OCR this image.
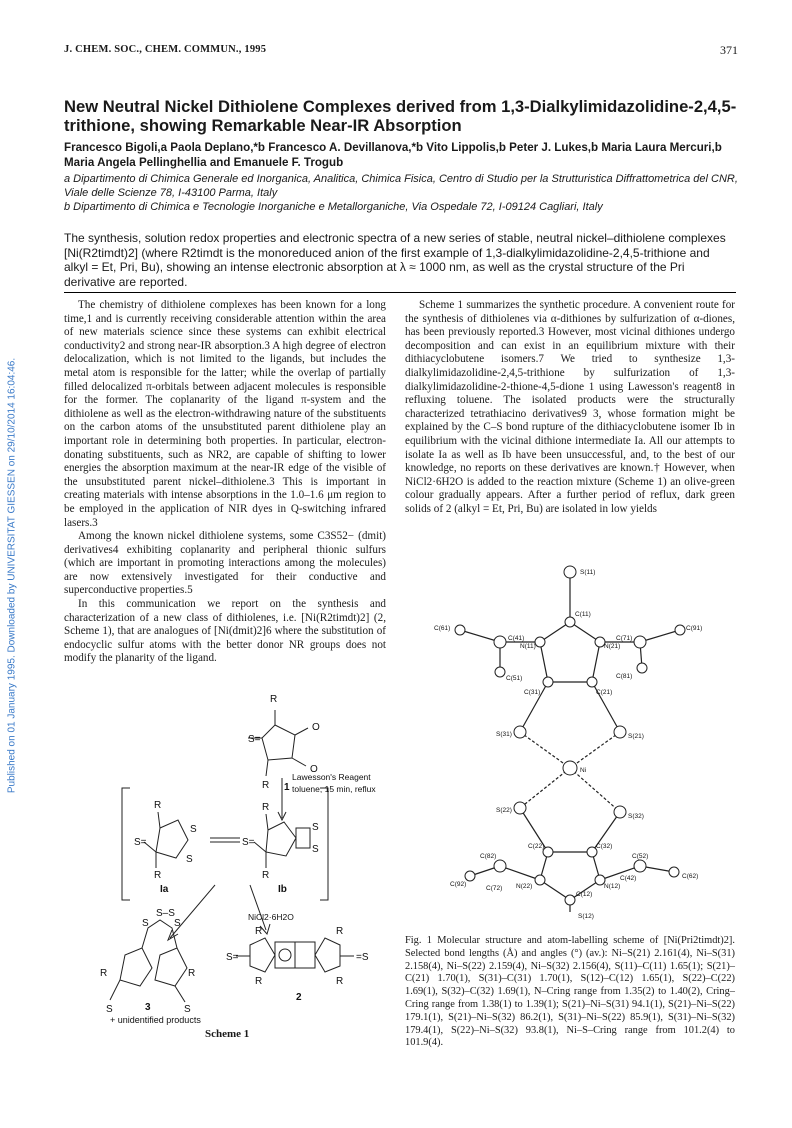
Published on 01 January 1995. Downloaded by UNIVERSITAT GIESSEN on 29/10/2014 16:04:46.
J. CHEM. SOC., CHEM. COMMUN., 1995	371
New Neutral Nickel Dithiolene Complexes derived from 1,3-Dialkylimidazolidine-2,4,5-trithione, showing Remarkable Near-IR Absorption
Francesco Bigoli,a Paola Deplano,*b Francesco A. Devillanova,*b Vito Lippolis,b Peter J. Lukes,b Maria Laura Mercuri,b Maria Angela Pellinghellia and Emanuele F. Trogub
a Dipartimento di Chimica Generale ed Inorganica, Analitica, Chimica Fisica, Centro di Studio per la Strutturistica Diffrattometrica del CNR, Viale delle Scienze 78, I-43100 Parma, Italy
b Dipartimento di Chimica e Tecnologie Inorganiche e Metallorganiche, Via Ospedale 72, I-09124 Cagliari, Italy
The synthesis, solution redox properties and electronic spectra of a new series of stable, neutral nickel–dithiolene complexes [Ni(R2timdt)2] (where R2timdt is the monoreduced anion of the first example of 1,3-dialkylimidazolidine-2,4,5-trithione and alkyl = Et, Pri, Bu), showing an intense electronic absorption at λ ≈ 1000 nm, as well as the crystal structure of the Pri derivative are reported.

The chemistry of dithiolene complexes has been known for a long time,1 and is currently receiving considerable attention within the area of new materials science since these systems can exhibit electrical conductivity2 and strong near-IR absorption.3 A high degree of electron delocalization, which is not limited to the ligands, but includes the metal atom is responsible for the latter; while the overlap of partially filled delocalized π-orbitals between adjacent molecules is responsible for the former. The coplanarity of the ligand π-system and the dithiolene as well as the electron-withdrawing nature of the substituents on the carbon atoms of the unsubstituted parent dithiolene play an important role in determining both properties. In particular, electron-donating substituents, such as NR2, are capable of shifting to lower energies the absorption maximum at the near-IR edge of the visible of the unsubstituted parent nickel–dithiolene.3 This is important in creating materials with intense absorptions in the 1.0–1.6 μm region to be employed in the application of NIR dyes in Q-switching infrared lasers.3

Among the known nickel dithiolene systems, some C3S52− (dmit) derivatives4 exhibiting coplanarity and peripheral thionic sulfurs (which are important in promoting interactions among the molecules) are now extensively investigated for their conductive and superconductive properties.5

In this communication we report on the synthesis and characterization of a new class of dithiolenes, i.e. [Ni(R2timdt)2] (2, Scheme 1), that are analogues of [Ni(dmit)2]6 where the substitution of endocyclic sulfur atoms with the better donor NR groups does not modify the planarity of the ligand.

Scheme 1 summarizes the synthetic procedure. A convenient route for the synthesis of dithiolenes via α-dithiones by sulfurization of α-diones, has been previously reported.3 However, most vicinal dithiones undergo decomposition and can exist in an equilibrium mixture with their dithiacyclobutene isomers.7 We tried to synthesize 1,3-dialkylimidazolidine-2,4,5-trithione by sulfurization of 1,3-dialkylimidazolidine-2-thione-4,5-dione 1 using Lawesson's reagent8 in refluxing toluene. The isolated products were the structurally characterized tetrathiacino derivatives9 3, whose formation might be explained by the C–S bond rupture of the dithiacyclobutene isomer Ib in equilibrium with the vicinal dithione intermediate Ia. All our attempts to isolate Ia as well as Ib have been unsuccessful, and, to the best of our knowledge, no reports on these derivatives are known.† However, when NiCl2·6H2O is added to the reaction mixture (Scheme 1) an olive-green colour gradually appears. After a further period of reflux, dark green solids of 2 (alkyl = Et, Pri, Bu) are isolated in low yields

R
S=
O
O
R 1
Lawesson's Reagent
toluene, 15 min, reflux
R
S=
S
S
R
Ia
R
S=
S
S
R
Ib
NiCl2·6H2O
S
S–S
S
R	R
S	S
3
R	R
S=	=S
R	R
2
+ unidentified products
Scheme 1
S(11)
C(11)
N(11)	N(21)
C(41)
C(61)
C(51)
C(71)
C(91)
C(81)
C(31)	C(21)
S(31)	S(21)
Ni
S(22)
S(32)
C(22)	C(32)
N(22)	N(12)
C(82)
C(92)
C(72)
C(52)
C(42)	C(62)
C(12)
S(12)
Fig. 1 Molecular structure and atom-labelling scheme of [Ni(Pri2timdt)2]. Selected bond lengths (Å) and angles (°) (av.): Ni–S(21) 2.161(4), Ni–S(31) 2.158(4), Ni–S(22) 2.159(4), Ni–S(32) 2.156(4), S(11)–C(11) 1.65(1); S(21)–C(21) 1.70(1), S(31)–C(31) 1.70(1), S(12)–C(12) 1.65(1), S(22)–C(22) 1.69(1), S(32)–C(32) 1.69(1), N–Cring range from 1.35(2) to 1.40(2), Cring–Cring range from 1.38(1) to 1.39(1); S(21)–Ni–S(31) 94.1(1), S(21)–Ni–S(22) 179.1(1), S(21)–Ni–S(32) 86.2(1), S(31)–Ni–S(22) 85.9(1), S(31)–Ni–S(32) 179.4(1), S(22)–Ni–S(32) 93.8(1), Ni–S–Cring range from 101.2(4) to 101.9(4).
